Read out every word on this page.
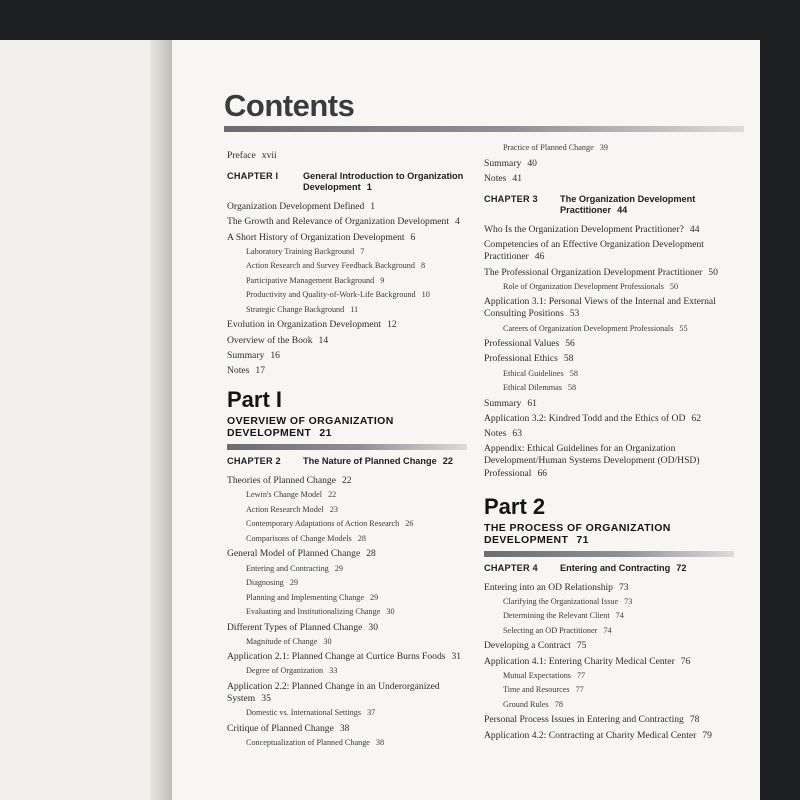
Contents
Preface xvii
CHAPTER I	General Introduction to Organization Development 1
Organization Development Defined 1
The Growth and Relevance of Organization Development 4
A Short History of Organization Development 6
Laboratory Training Background 7
Action Research and Survey Feedback Background 8
Participative Management Background 9
Productivity and Quality-of-Work-Life Background 10
Strategic Change Background 11
Evolution in Organization Development 12
Overview of the Book 14
Summary 16
Notes 17
Part I
OVERVIEW OF ORGANIZATION DEVELOPMENT 21
CHAPTER 2	The Nature of Planned Change 22
Theories of Planned Change 22
Lewin's Change Model 22
Action Research Model 23
Contemporary Adaptations of Action Research 26
Comparisons of Change Models 28
General Model of Planned Change 28
Entering and Contracting 29
Diagnosing 29
Planning and Implementing Change 29
Evaluating and Institutionalizing Change 30
Different Types of Planned Change 30
Magnitude of Change 30
Application 2.1: Planned Change at Curtice Burns Foods 31
Degree of Organization 33
Application 2.2: Planned Change in an Underorganized System 35
Domestic vs. International Settings 37
Critique of Planned Change 38
Conceptualization of Planned Change 38
Practice of Planned Change 39
Summary 40
Notes 41
CHAPTER 3	The Organization Development Practitioner 44
Who Is the Organization Development Practitioner? 44
Competencies of an Effective Organization Development Practitioner 46
The Professional Organization Development Practitioner 50
Role of Organization Development Professionals 50
Application 3.1: Personal Views of the Internal and External Consulting Positions 53
Careers of Organization Development Professionals 55
Professional Values 56
Professional Ethics 58
Ethical Guidelines 58
Ethical Dilemmas 58
Summary 61
Application 3.2: Kindred Todd and the Ethics of OD 62
Notes 63
Appendix: Ethical Guidelines for an Organization Development/Human Systems Development (OD/HSD) Professional 66
Part 2
THE PROCESS OF ORGANIZATION DEVELOPMENT 71
CHAPTER 4	Entering and Contracting 72
Entering into an OD Relationship 73
Clarifying the Organizational Issue 73
Determining the Relevant Client 74
Selecting an OD Practitioner 74
Developing a Contract 75
Application 4.1: Entering Charity Medical Center 76
Mutual Expectations 77
Time and Resources 77
Ground Rules 78
Personal Process Issues in Entering and Contracting 78
Application 4.2: Contracting at Charity Medical Center 79
